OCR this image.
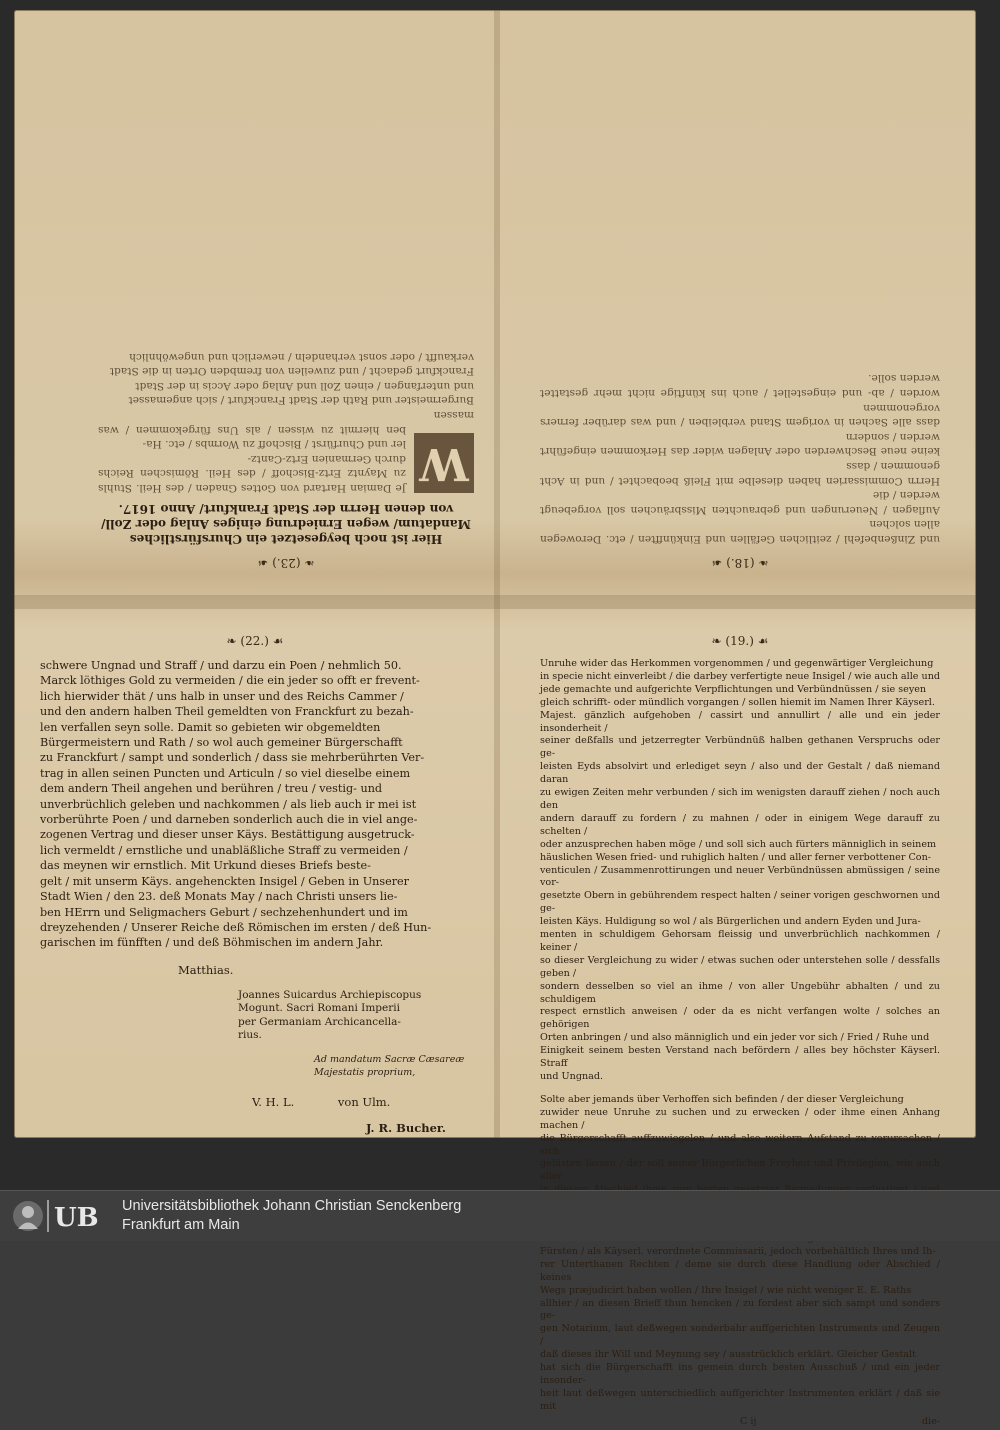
❧ (23.) ☙
Hier ist noch beygesetzet ein Chursfürstliches Mandatum/ wegen Erniedrung einiges Anlag oder Zoll/ von denen Herrn der Stadt Frankfurt/ Anno 1617.
W
Je Damian Hartard von Gottes Gnaden / des Heil. Stuhls zu Mayntz Ertz-Bischoff / des Heil. Römischen Reichs durch Germanien Ertz-Cantz-
ler und Churfürst / Bischoff zu Wormbs / etc. Ha-
ben hiermit zu wissen / als Uns fürgekommen / was massen
Burgermeister und Rath der Stadt Franckfurt / sich angemasset
und unterfangen / einen Zoll und Anlag oder Accis in der Stadt
Franckfurt gedacht / und zuweilen von frembden Orten in die Stadt
verkaufft / oder sonst verhandeln / newerlich und ungewöhnlich
❧ (18.) ☙
und Zinßenbefehl / zeitlichen Gefällen und Einkünfften / etc. Derowegen allen solchen
Auflagen / Neuerungen und gebrauchten Missbräuchen soll vorgebeugt werden / die
Herrn Commissarien haben dieselbe mit Fleiß beobachtet / und in Acht genommen / dass
keine neue Beschwerden oder Anlagen wider das Herkommen eingeführt werden / sondern
dass alle Sachen in vorigem Stand verbleiben / und was darüber ferners vorgenommen
worden / ab- und eingestellet / auch ins künftige nicht mehr gestattet werden solle.
❧ (22.) ☙
schwere Ungnad und Straff / und darzu ein Poen / nehmlich 50.
Marck löthiges Gold zu vermeiden / die ein jeder so offt er frevent-
lich hierwider thät / uns halb in unser und des Reichs Cammer /
und den andern halben Theil gemeldten von Franckfurt zu bezah-
len verfallen seyn solle. Damit so gebieten wir obgemeldten
Bürgermeistern und Rath / so wol auch gemeiner Bürgerschafft
zu Franckfurt / sampt und sonderlich / dass sie mehrberührten Ver-
trag in allen seinen Puncten und Articuln / so viel dieselbe einem
dem andern Theil angehen und berühren / treu / vestig- und
unverbrüchlich geleben und nachkommen / als lieb auch ir mei ist
vorberührte Poen / und darneben sonderlich auch die in viel ange-
zogenen Vertrag und dieser unser Käys. Bestättigung ausgetruck-
lich vermeldt / ernstliche und unabläßliche Straff zu vermeiden /
das meynen wir ernstlich. Mit Urkund dieses Briefs beste-
gelt / mit unserm Käys. angehenckten Insigel / Geben in Unserer
Stadt Wien / den 23. deß Monats May / nach Christi unsers lie-
ben HErrn und Seligmachers Geburt / sechzehenhundert und im
dreyzehenden / Unserer Reiche deß Römischen im ersten / deß Hun-
garischen im fünfften / und deß Böhmischen im andern Jahr.
Matthias.
Joannes Suicardus Archiepiscopus
Mogunt. Sacri Romani Imperii
per Germaniam Archicancella-
rius.
Ad mandatum Sacræ Cæsareæ
Majestatis proprium,
V. H. L.	von Ulm.
J. R. Bucher.
❧ (19.) ☙
Unruhe wider das Herkommen vorgenommen / und gegenwärtiger Vergleichung
in specie nicht einverleibt / die darbey verfertigte neue Insigel / wie auch alle und
jede gemachte und aufgerichte Verpflichtungen und Verbündnüssen / sie seyen
gleich schrifft- oder mündlich vorgangen / sollen hiemit im Namen Ihrer Käyserl.
Majest. gänzlich aufgehoben / cassirt und annullirt / alle und ein jeder insonderheit /
seiner deßfalls und jetzerregter Verbündnüß halben gethanen Verspruchs oder ge-
leisten Eyds absolvirt und erlediget seyn / also und der Gestalt / daß niemand daran
zu ewigen Zeiten mehr verbunden / sich im wenigsten darauff ziehen / noch auch den
andern darauff zu fordern / zu mahnen / oder in einigem Wege darauff zu schelten /
oder anzusprechen haben möge / und soll sich auch fürters männiglich in seinem
häuslichen Wesen fried- und ruhiglich halten / und aller ferner verbottener Con-
venticulen / Zusammenrottirungen und neuer Verbündnüssen abmüssigen / seine vor-
gesetzte Obern in gebührendem respect halten / seiner vorigen geschwornen und ge-
leisten Käys. Huldigung so wol / als Bürgerlichen und andern Eyden und Jura-
menten in schuldigem Gehorsam fleissig und unverbrüchlich nachkommen / keiner /
so dieser Vergleichung zu wider / etwas suchen oder unterstehen solle / dessfalls geben /
sondern desselben so viel an ihme / von aller Ungebühr abhalten / und zu schuldigem
respect ernstlich anweisen / oder da es nicht verfangen wolte / solches an gehörigen
Orten anbringen / und also männiglich und ein jeder vor sich / Fried / Ruhe und
Einigkeit seinem besten Verstand nach befördern / alles bey höchster Käyserl. Straff
und Ungnad.
Solte aber jemands über Verhoffen sich befinden / der dieser Vergleichung
zuwider neue Unruhe zu suchen und zu erwecken / oder ihme einen Anhang machen /
die Bürgerschafft auffzuwiegelen / und also weitern Aufstand zu verursachen / sich
gelüsten lassen / der soll seiner Bürgerlichen Freyheit und Privilegien, wie auch aller
Fürsten / als Käyserl. verordnete Commissarii, jedoch vorbehältlich Ihres und Ih-
rer Unterthanen Rechten / deme sie durch diese Handlung oder Abschied / keines
Wegs præjudicirt haben wollen / Ihre Insigel / wie nicht weniger E. E. Raths
allhier / an diesen Brieff thun hencken / zu fordest aber sich sampt und sonders ge-
gen Notarium, laut deßwegen sonderbahr auffgerichten Instruments und Zeugen /
daß dieses ihr Will und Meynung sey / ausstrücklich erklärt. Gleicher Gestalt
hat sich die Bürgerschafft ins gemein durch besten Ausschuß / und ein jeder insonder-
heit laut deßwegen unterschiedlich auffgerichter Instrumenten erklärt / daß sie mit
C ij	die-
UB Universitätsbibliothek Johann Christian Senckenberg
Frankfurt am Main
